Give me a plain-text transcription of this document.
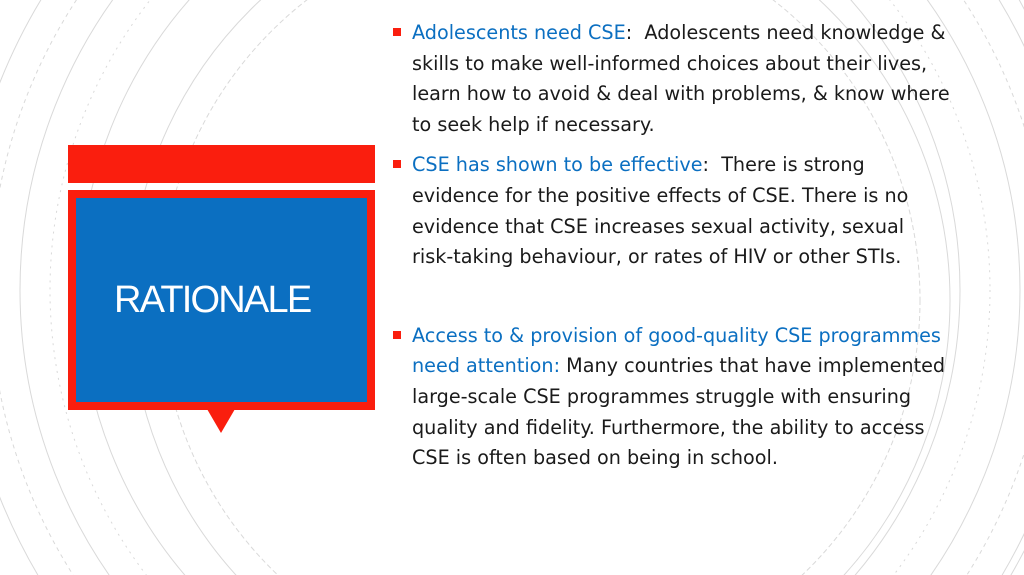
RATIONALE
Adolescents need CSE:  Adolescents need knowledge & skills to make well-informed choices about their lives, learn how to avoid & deal with problems, & know where to seek help if necessary.
CSE has shown to be effective:  There is strong evidence for the positive effects of CSE. There is no evidence that CSE increases sexual activity, sexual risk-taking behaviour, or rates of HIV or other STIs.
Access to & provision of good-quality CSE programmes need attention: Many countries that have implemented large-scale CSE programmes struggle with ensuring quality and fidelity. Furthermore, the ability to access CSE is often based on being in school.
